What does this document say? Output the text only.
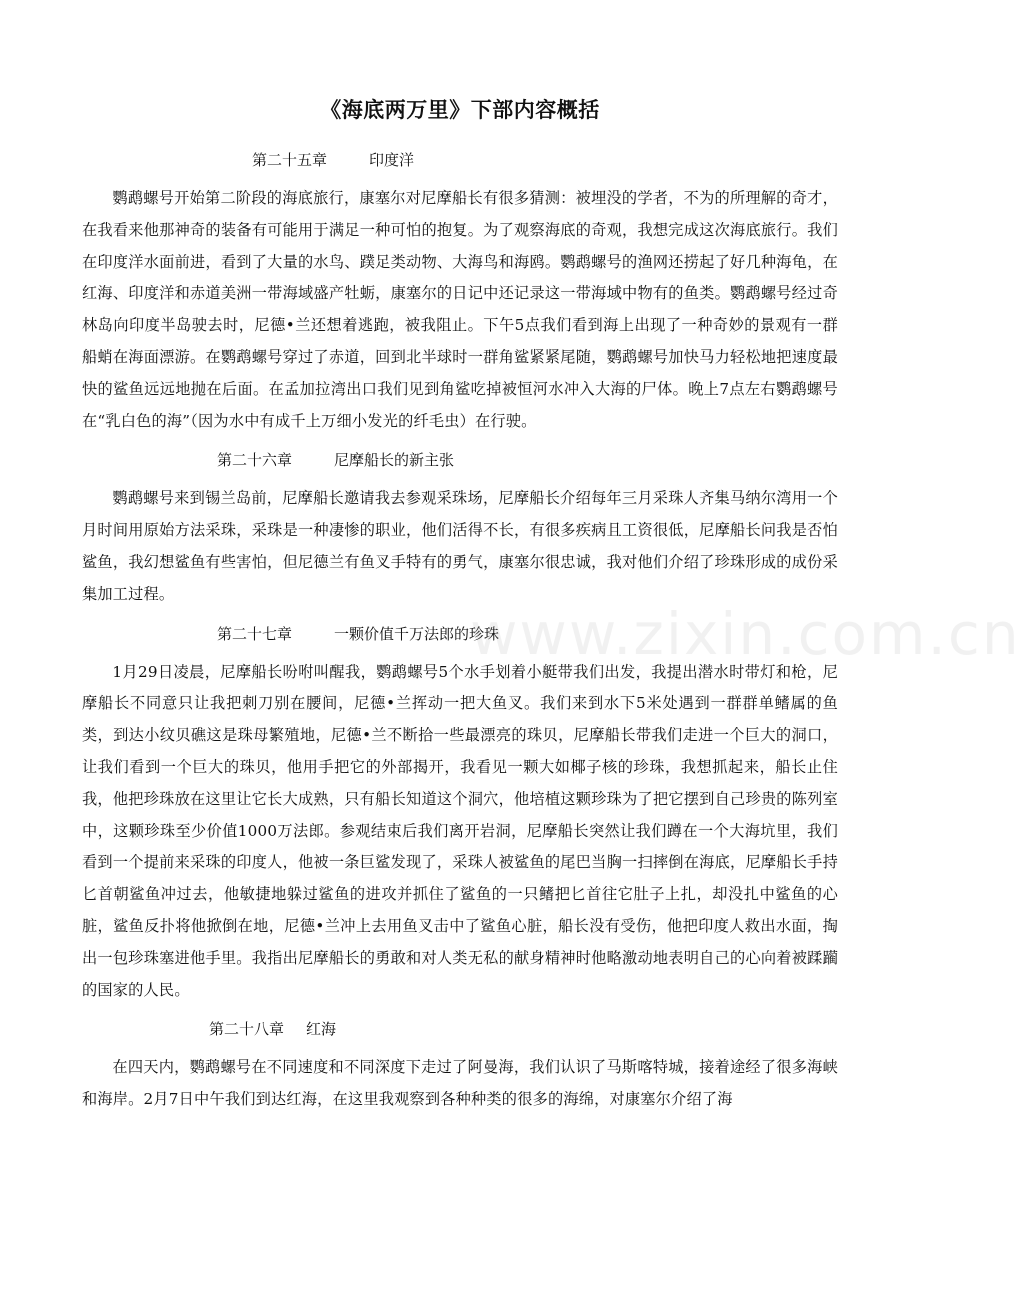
《海底两万里》下部内容概括
第二十五章	印度洋

鹦鹉螺号开始第二阶段的海底旅行，康塞尔对尼摩船长有很多猜测：被埋没的学者，不为的所理解的奇才，在我看来他那神奇的装备有可能用于满足一种可怕的抱复。为了观察海底的奇观，我想完成这次海底旅行。我们在印度洋水面前进，看到了大量的水鸟、蹼足类动物、大海鸟和海鸥。鹦鹉螺号的渔网还捞起了好几种海龟，在红海、印度洋和赤道美洲一带海域盛产牡蛎，康塞尔的日记中还记录这一带海域中物有的鱼类。鹦鹉螺号经过奇林岛向印度半岛驶去时，尼德•兰还想着逃跑，被我阻止。下午5点我们看到海上出现了一种奇妙的景观有一群船蛸在海面漂游。在鹦鹉螺号穿过了赤道，回到北半球时一群角鲨紧紧尾随，鹦鹉螺号加快马力轻松地把速度最快的鲨鱼远远地抛在后面。在孟加拉湾出口我们见到角鲨吃掉被恒河水冲入大海的尸体。晚上7点左右鹦鹉螺号在“乳白色的海”（因为水中有成千上万细小发光的纤毛虫）在行驶。

第二十六章	尼摩船长的新主张

鹦鹉螺号来到锡兰岛前，尼摩船长邀请我去参观采珠场，尼摩船长介绍每年三月采珠人齐集马纳尔湾用一个月时间用原始方法采珠，采珠是一种凄惨的职业，他们活得不长，有很多疾病且工资很低，尼摩船长问我是否怕鲨鱼，我幻想鲨鱼有些害怕，但尼德兰有鱼叉手特有的勇气，康塞尔很忠诚，我对他们介绍了珍珠形成的成份采集加工过程。

第二十七章	一颗价值千万法郎的珍珠

1月29日凌晨，尼摩船长吩咐叫醒我，鹦鹉螺号5个水手划着小艇带我们出发，我提出潜水时带灯和枪，尼摩船长不同意只让我把刺刀别在腰间，尼德•兰挥动一把大鱼叉。我们来到水下5米处遇到一群群单鳍属的鱼类，到达小纹贝礁这是珠母繁殖地，尼德•兰不断拾一些最漂亮的珠贝，尼摩船长带我们走进一个巨大的洞口，让我们看到一个巨大的珠贝，他用手把它的外部揭开，我看见一颗大如椰子核的珍珠，我想抓起来，船长止住我，他把珍珠放在这里让它长大成熟，只有船长知道这个洞穴，他培植这颗珍珠为了把它摆到自己珍贵的陈列室中，这颗珍珠至少价值1000万法郎。参观结束后我们离开岩洞，尼摩船长突然让我们蹲在一个大海坑里，我们看到一个提前来采珠的印度人，他被一条巨鲨发现了，采珠人被鲨鱼的尾巴当胸一扫摔倒在海底，尼摩船长手持匕首朝鲨鱼冲过去，他敏捷地躲过鲨鱼的进攻并抓住了鲨鱼的一只鳍把匕首往它肚子上扎，却没扎中鲨鱼的心脏，鲨鱼反扑将他掀倒在地，尼德•兰冲上去用鱼叉击中了鲨鱼心脏，船长没有受伤，他把印度人救出水面，掏出一包珍珠塞进他手里。我指出尼摩船长的勇敢和对人类无私的献身精神时他略激动地表明自己的心向着被蹂躏的国家的人民。

第二十八章 红海

在四天内，鹦鹉螺号在不同速度和不同深度下走过了阿曼海，我们认识了马斯喀特城，接着途经了很多海峡和海岸。2月7日中午我们到达红海，在这里我观察到各种种类的很多的海绵，对康塞尔介绍了海

www.zixin.com.cn
